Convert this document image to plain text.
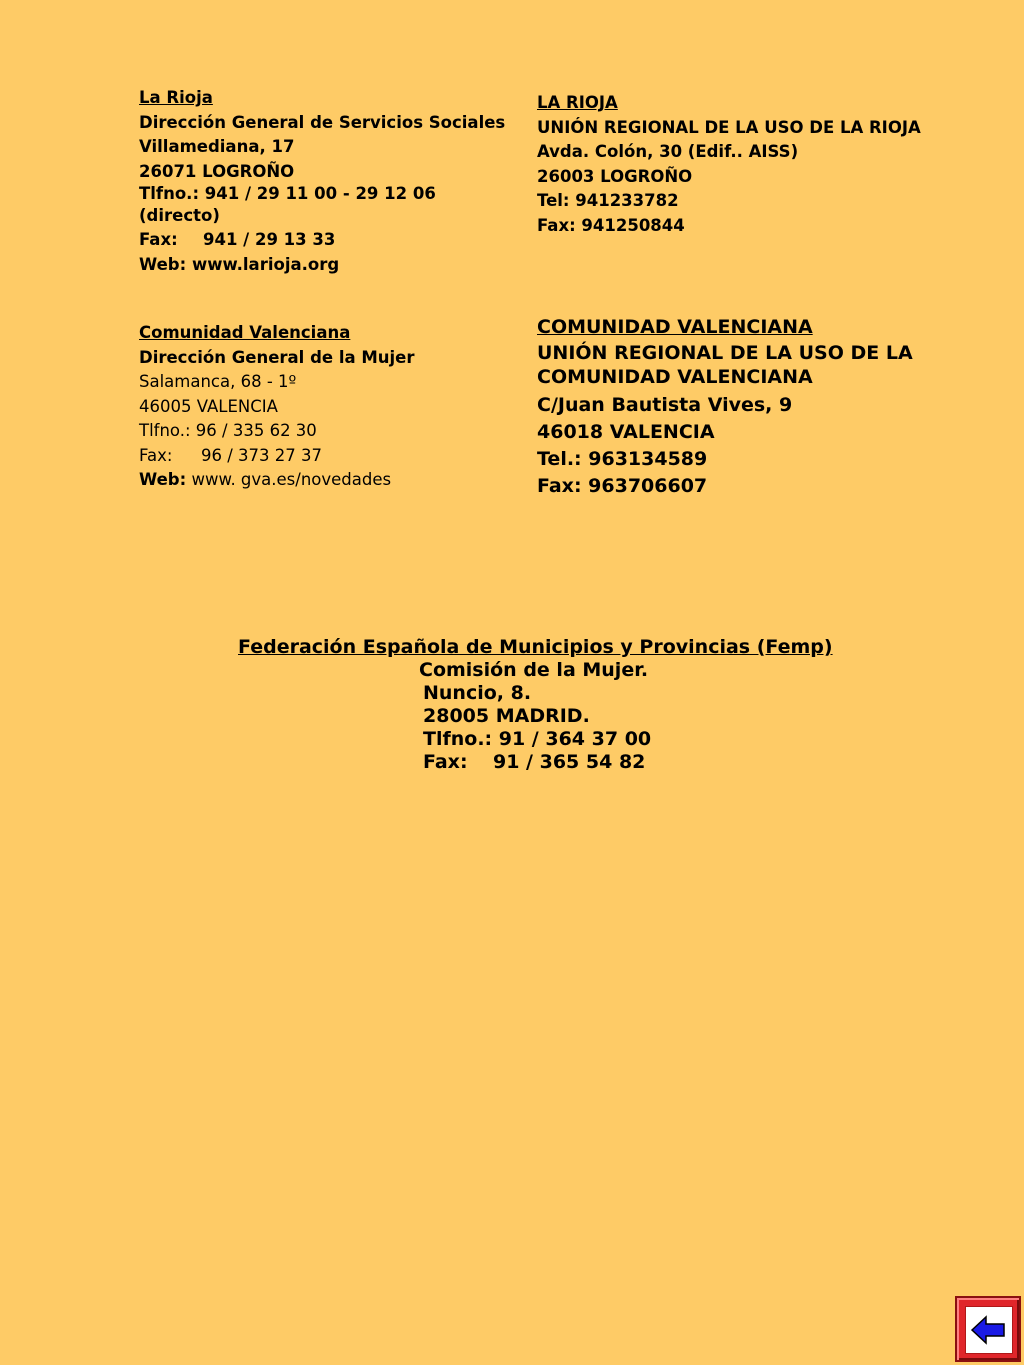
La Rioja
Dirección General de Servicios Sociales
Villamediana, 17
26071 LOGROÑO
Tlfno.: 941 / 29 11 00 - 29 12 06
(directo)
Fax: 941 / 29 13 33
Web: www.larioja.org
LA RIOJA
UNIÓN REGIONAL DE LA USO DE LA RIOJA
Avda. Colón, 30 (Edif.. AISS)
26003 LOGROÑO
Tel: 941233782
Fax: 941250844
Comunidad Valenciana
Dirección General de la Mujer
Salamanca, 68 - 1º
46005 VALENCIA
Tlfno.: 96 / 335 62 30
Fax: 96 / 373 27 37
Web: www. gva.es/novedades
COMUNIDAD VALENCIANA
UNIÓN REGIONAL DE LA USO DE LA
COMUNIDAD VALENCIANA
C/Juan Bautista Vives, 9
46018 VALENCIA
Tel.: 963134589
Fax: 963706607
Federación Española de Municipios y Provincias (Femp)
Comisión de la Mujer.
Nuncio, 8.
28005 MADRID.
Tlfno.: 91 / 364 37 00
Fax: 91 / 365 54 82
